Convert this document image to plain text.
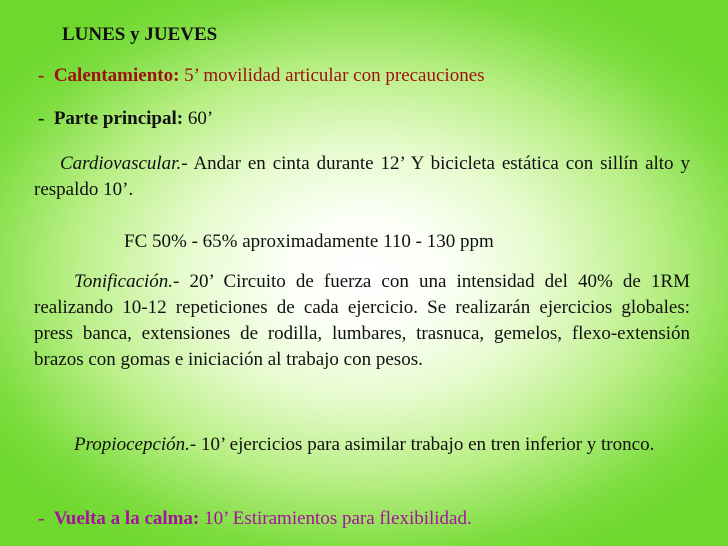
LUNES y JUEVES
- Calentamiento: 5’ movilidad articular con precauciones
- Parte principal: 60’
Cardiovascular.- Andar en cinta durante 12’ Y bicicleta estática con sillín alto y respaldo 10’.
FC 50% - 65% aproximadamente 110 - 130 ppm
Tonificación.- 20’ Circuito de fuerza con una intensidad del 40% de 1RM realizando 10-12 repeticiones de cada ejercicio. Se realizarán ejercicios globales: press banca, extensiones de rodilla, lumbares, trasnuca, gemelos, flexo-extensión brazos con gomas e iniciación al trabajo con pesos.
Propiocepción.- 10’ ejercicios para asimilar trabajo en tren inferior y tronco.
- Vuelta a la calma: 10’ Estiramientos para flexibilidad.
